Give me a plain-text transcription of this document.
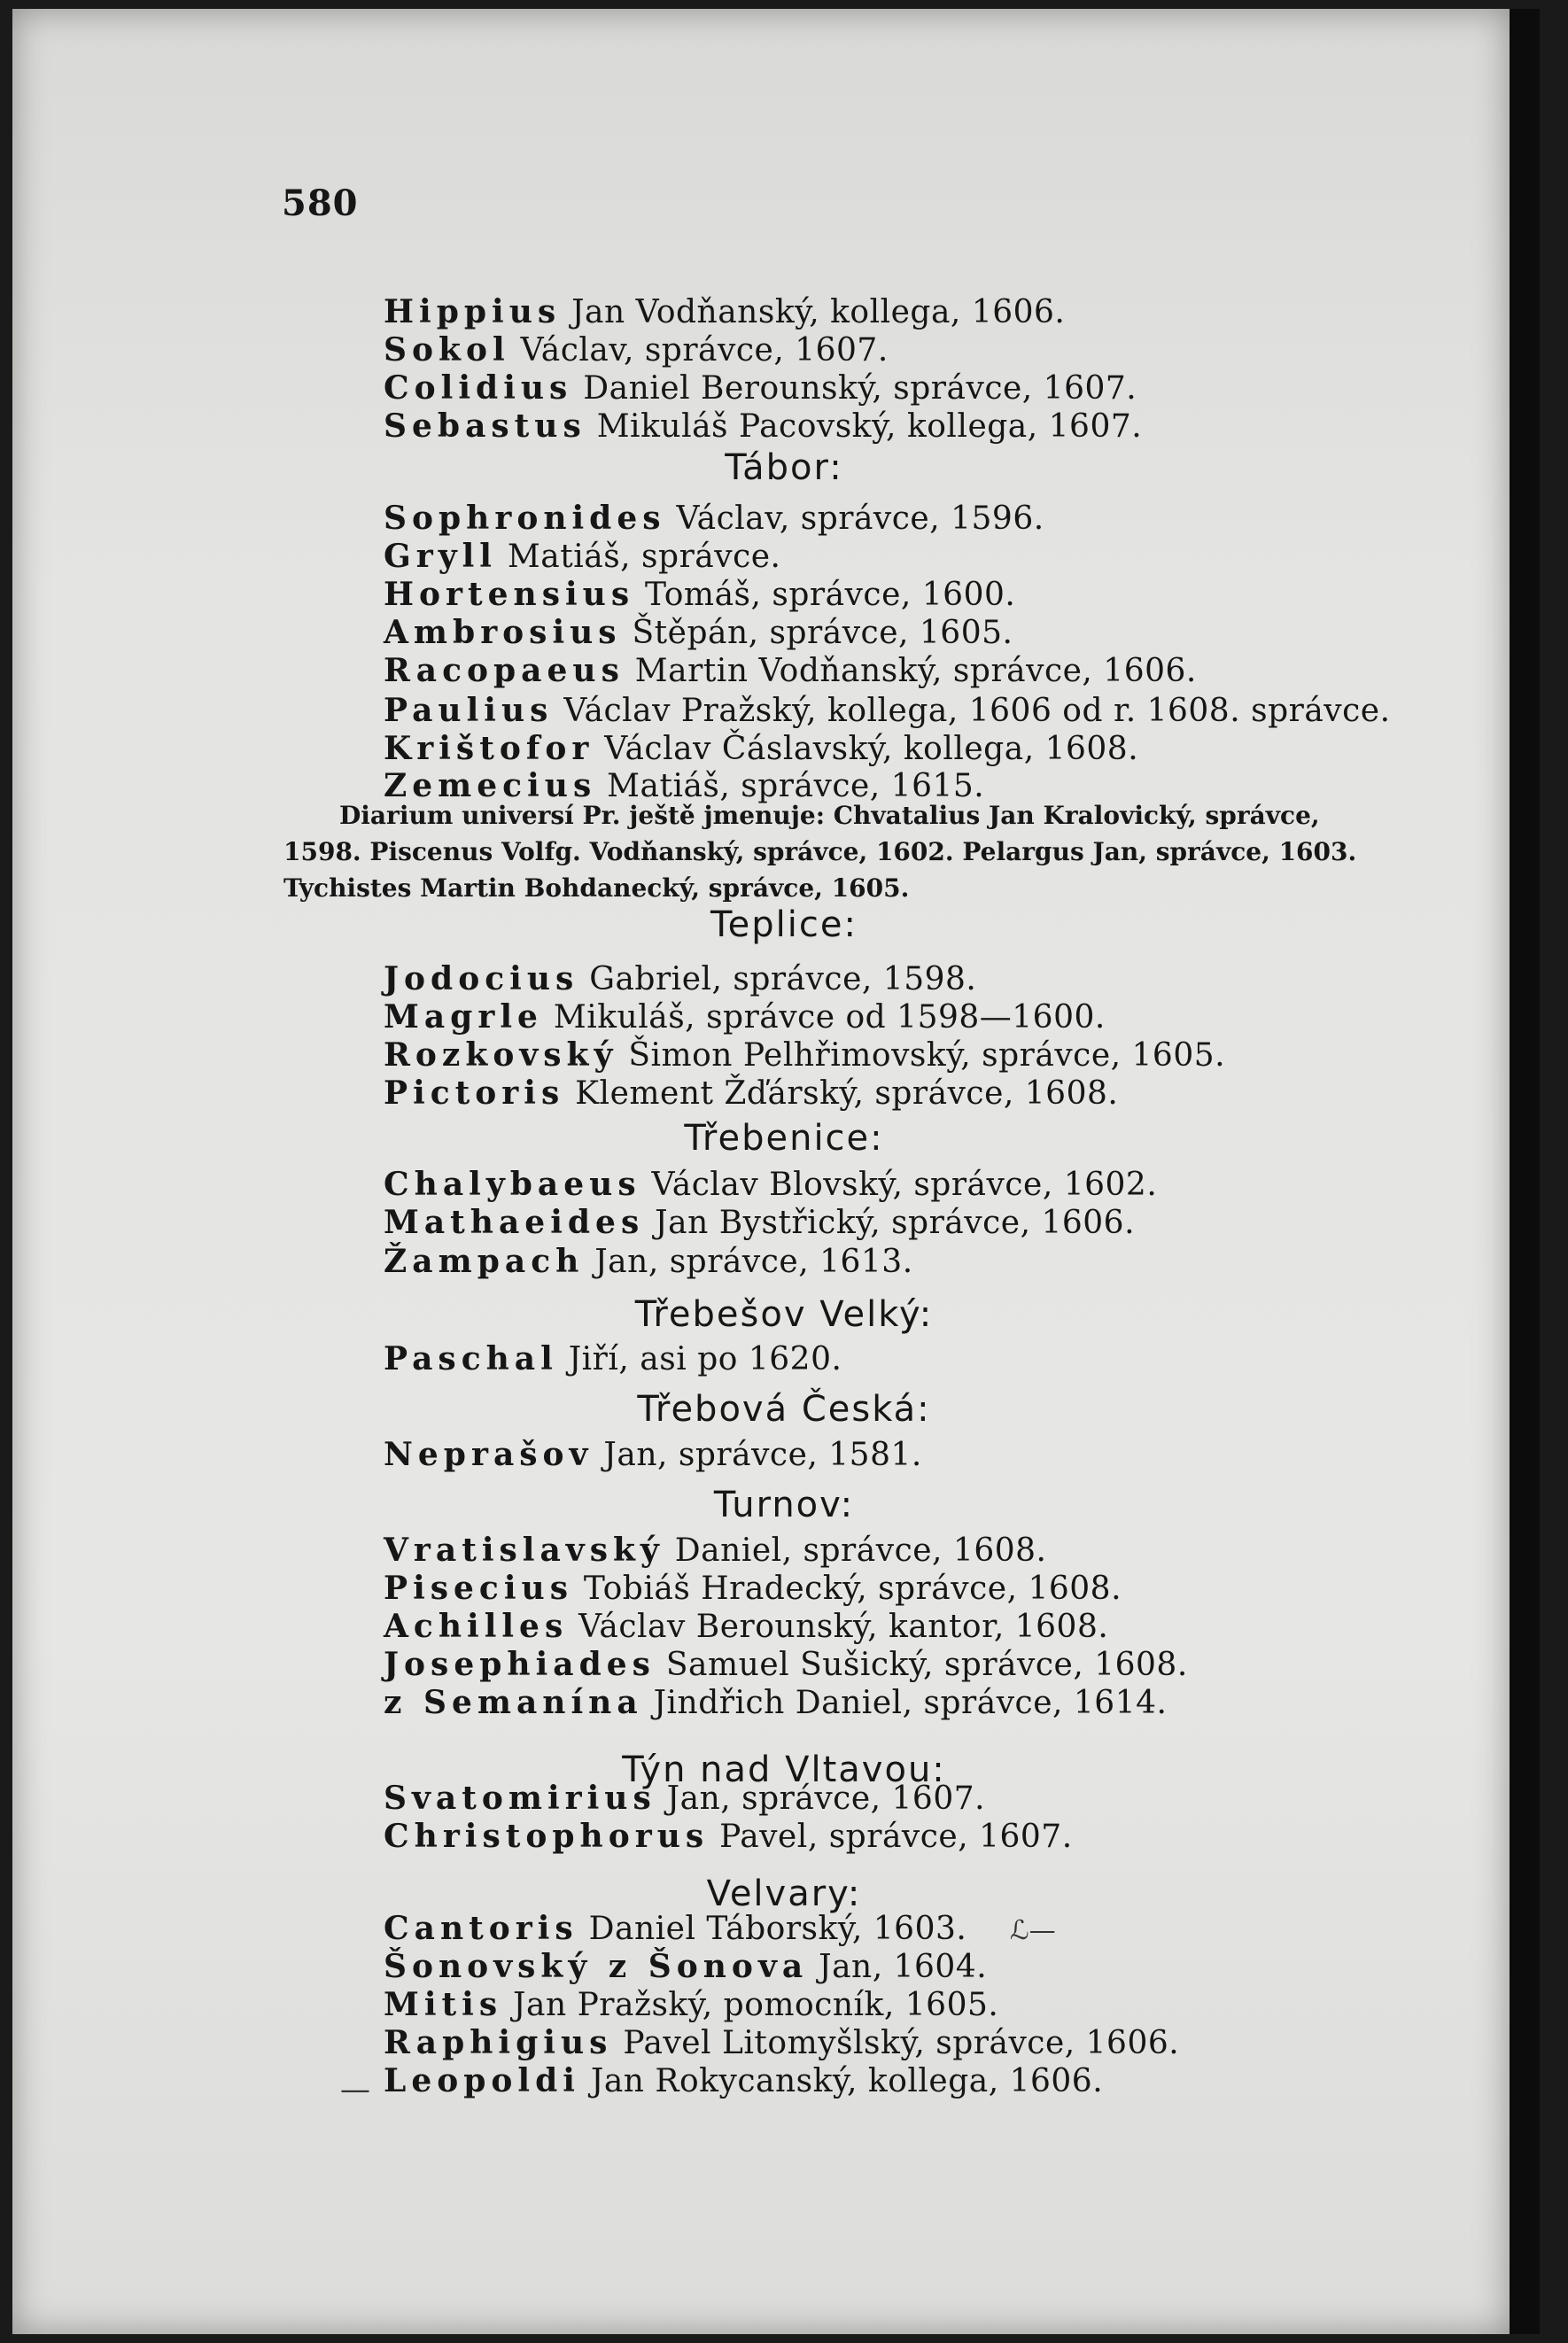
580
Hippius Jan Vodňanský, kollega, 1606.
Sokol Václav, správce, 1607.
Colidius Daniel Berounský, správce, 1607.
Sebastus Mikuláš Pacovský, kollega, 1607.
Tábor:
Sophronides Václav, správce, 1596.
Gryll Matiáš, správce.
Hortensius Tomáš, správce, 1600.
Ambrosius Štěpán, správce, 1605.
Racopaeus Martin Vodňanský, správce, 1606.
Paulius Václav Pražský, kollega, 1606 od r. 1608. správce.
Krištofor Václav Čáslavský, kollega, 1608.
Zemecius Matiáš, správce, 1615.
Diarium universí Pr. ještě jmenuje: Chvatalius Jan Kralovický, správce,
1598. Piscenus Volfg. Vodňanský, správce, 1602. Pelargus Jan, správce, 1603.
Tychistes Martin Bohdanecký, správce, 1605.
Teplice:
Jodocius Gabriel, správce, 1598.
Magrle Mikuláš, správce od 1598—1600.
Rozkovský Šimon Pelhřimovský, správce, 1605.
Pictoris Klement Žďárský, správce, 1608.
Třebenice:
Chalybaeus Václav Blovský, správce, 1602.
Mathaeides Jan Bystřický, správce, 1606.
Žampach Jan, správce, 1613.
Třebešov Velký:
Paschal Jiří, asi po 1620.
Třebová Česká:
Neprašov Jan, správce, 1581.
Turnov:
Vratislavský Daniel, správce, 1608.
Pisecius Tobiáš Hradecký, správce, 1608.
Achilles Václav Berounský, kantor, 1608.
Josephiades Samuel Sušický, správce, 1608.
z Semanína Jindřich Daniel, správce, 1614.
Týn nad Vltavou:
Svatomirius Jan, správce, 1607.
Christophorus Pavel, správce, 1607.
Velvary:
Cantoris Daniel Táborský, 1603.
Šonovský z Šonova Jan, 1604.
Mitis Jan Pražský, pomocník, 1605.
Raphigius Pavel Litomyšlský, správce, 1606.
Leopoldi Jan Rokycanský, kollega, 1606.
—
ℒ—
